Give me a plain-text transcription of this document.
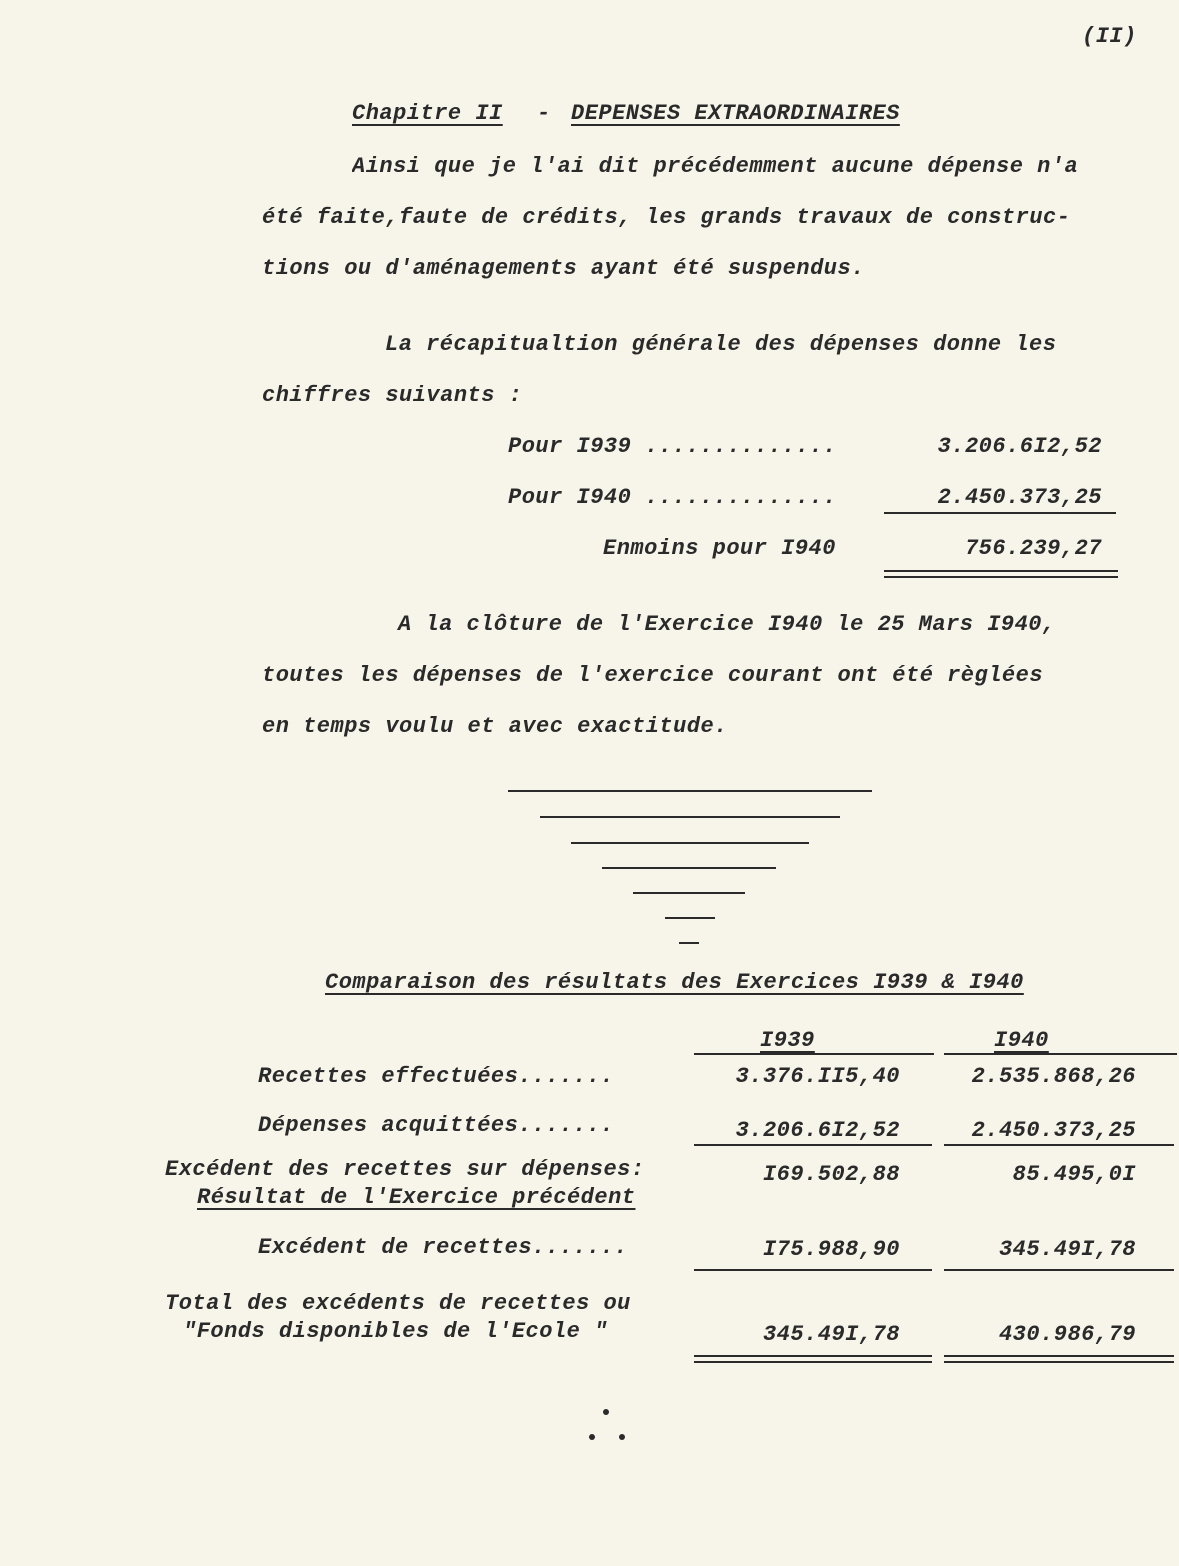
(II)
Chapitre II - DEPENSES EXTRAORDINAIRES
Ainsi que je l'ai dit précédemment aucune dépense n'a
été faite,faute de crédits, les grands travaux de construc-
tions ou d'aménagements ayant été suspendus.
La récapitualtion générale des dépenses donne les
chiffres suivants :
Pour I939 ..............	3.206.6I2,52
Pour I940 ..............	2.450.373,25
Enmoins pour I940	756.239,27
A la clôture de l'Exercice I940 le 25 Mars I940,
toutes les dépenses de l'exercice courant ont été règlées
en temps voulu et avec exactitude.
Comparaison des résultats des Exercices I939 & I940
I939	I940
Recettes effectuées.......	3.376.II5,40	2.535.868,26
Dépenses acquittées.......	3.206.6I2,52	2.450.373,25
Excédent des recettes sur dépenses:
Résultat de l'Exercice précédent
I69.502,88	85.495,0I
Excédent de recettes.......	I75.988,90	345.49I,78
Total des excédents de recettes ou
"Fonds disponibles de l'Ecole "	345.49I,78	430.986,79
